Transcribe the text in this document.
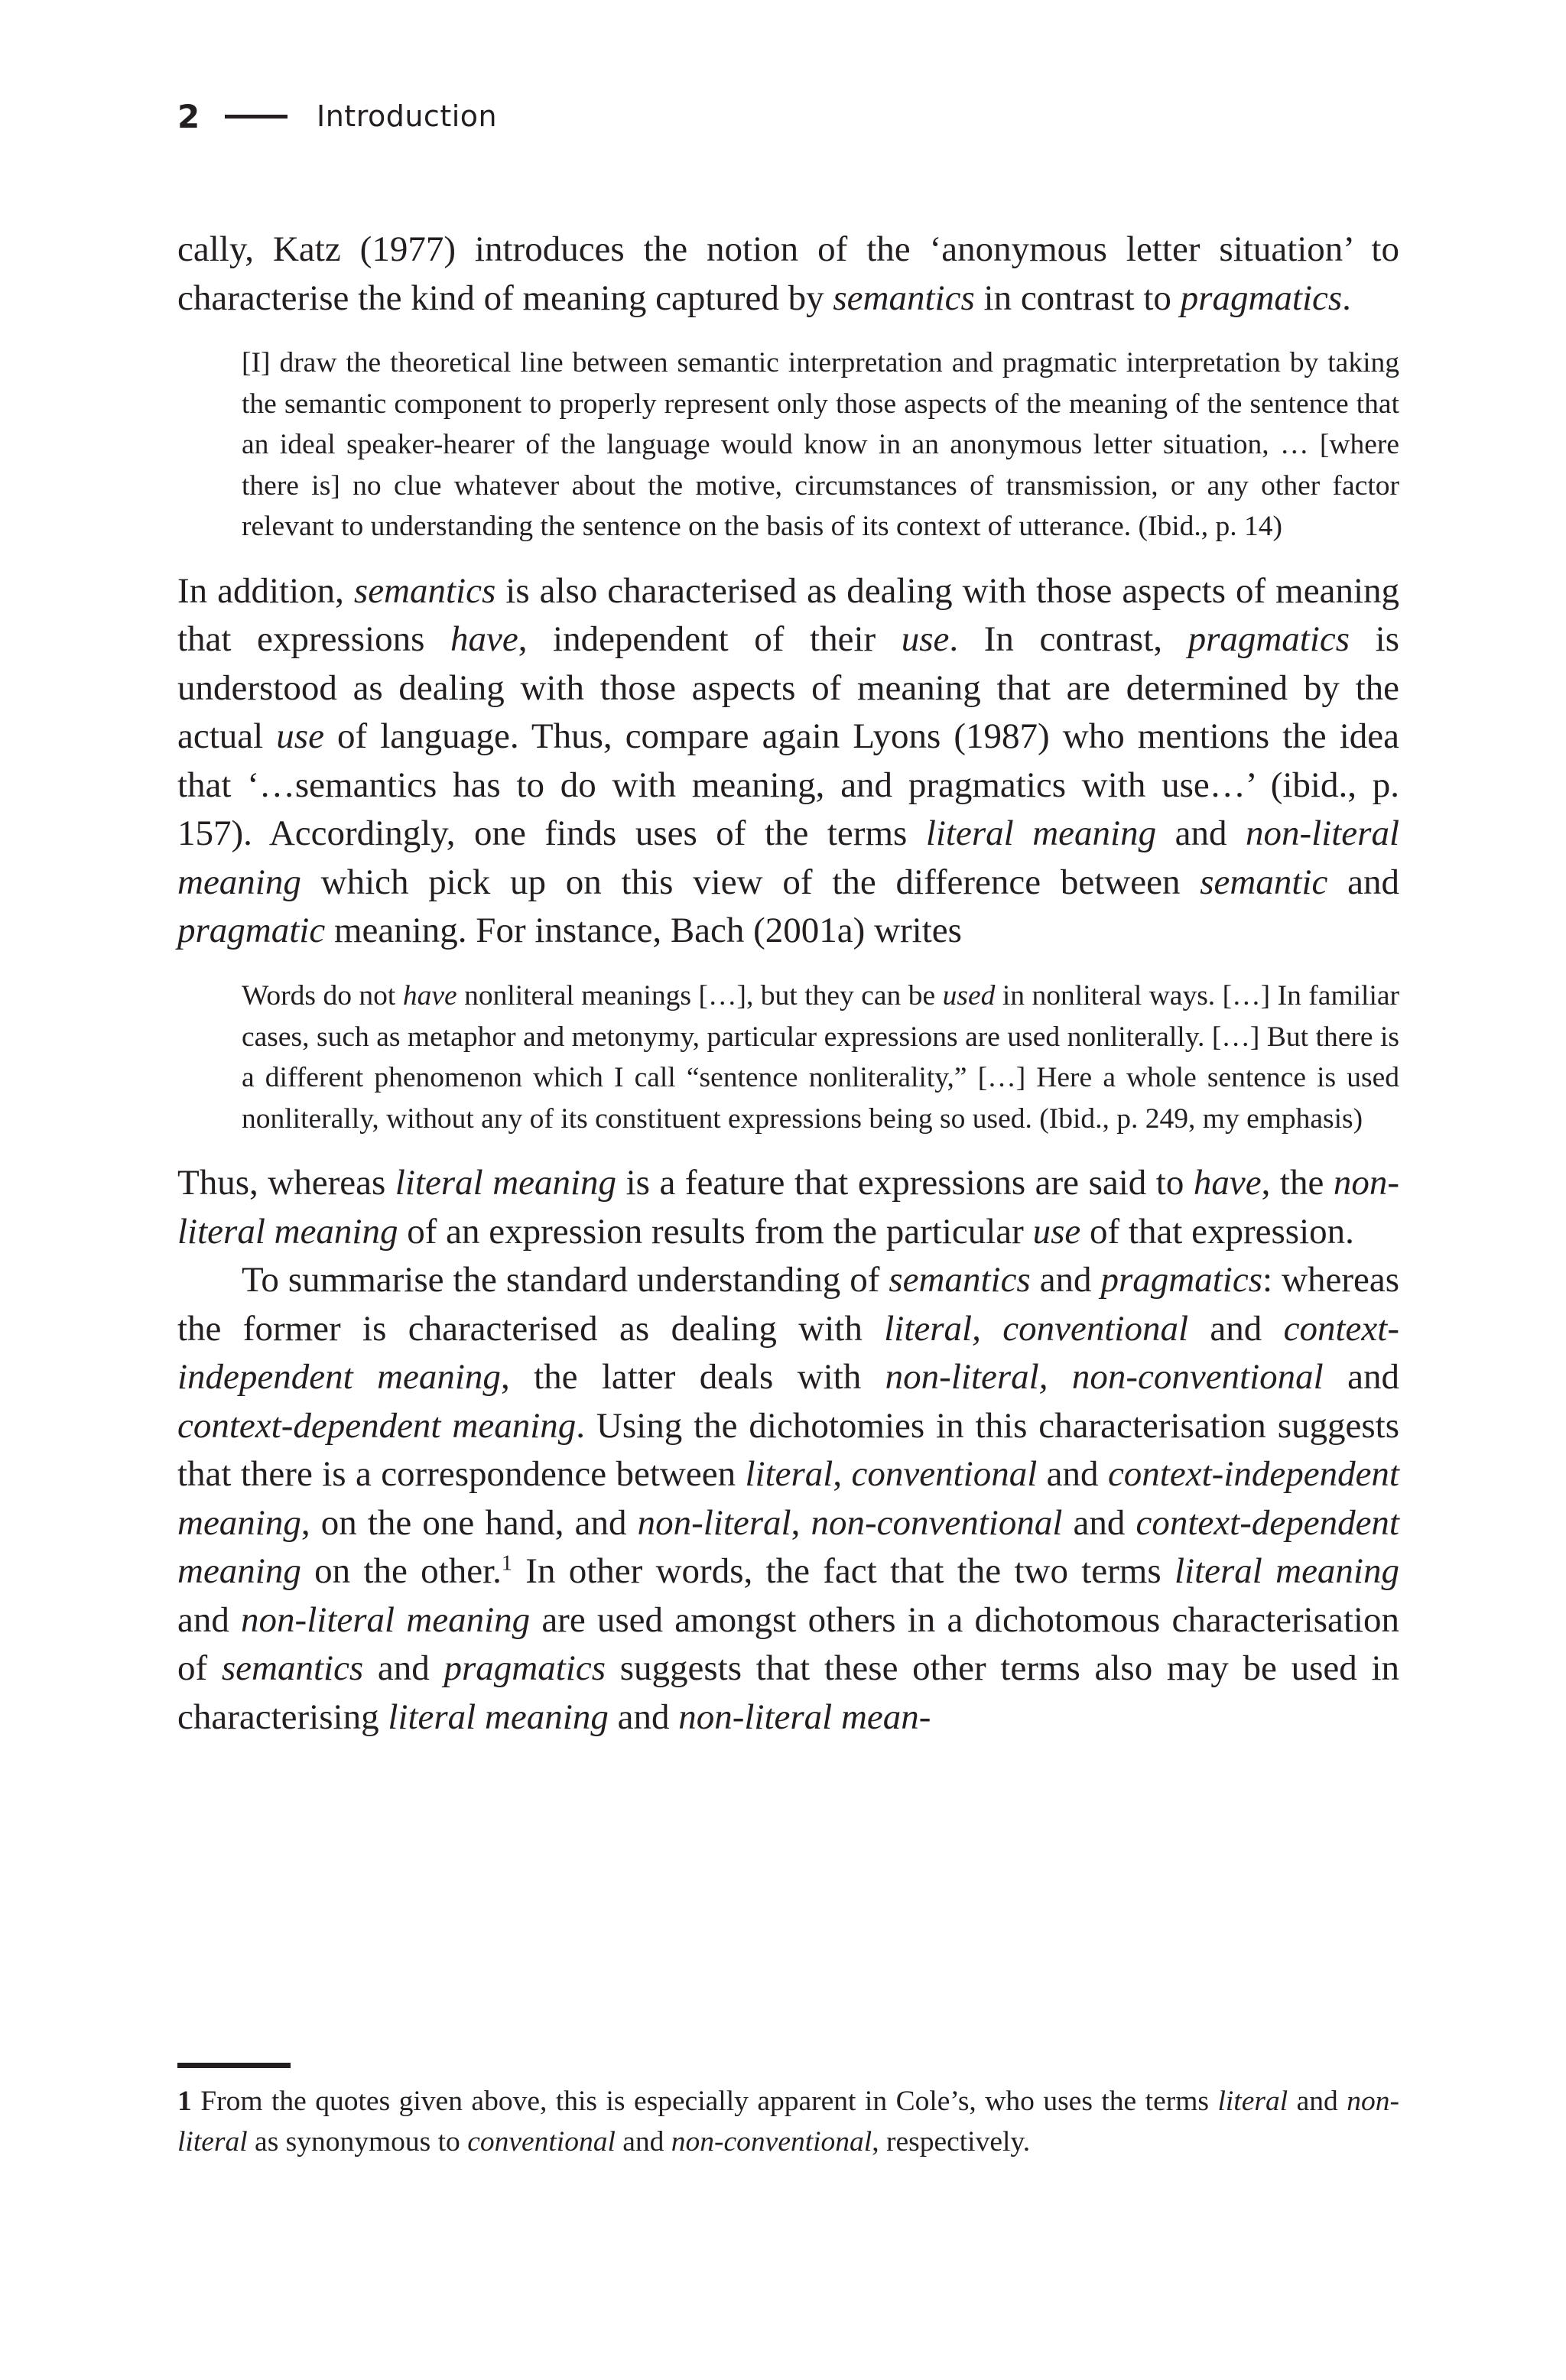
2	Introduction

cally, Katz (1977) introduces the notion of the ‘anonymous letter situation’ to characterise the kind of meaning captured by semantics in contrast to pragmatics.

[I] draw the theoretical line between semantic interpretation and pragmatic interpretation by taking the semantic component to properly represent only those aspects of the meaning of the sentence that an ideal speaker-hearer of the language would know in an anonymous letter situation, … [where there is] no clue whatever about the motive, circumstances of transmission, or any other factor relevant to understanding the sentence on the basis of its context of utterance. (Ibid., p. 14)

In addition, semantics is also characterised as dealing with those aspects of meaning that expressions have, independent of their use. In contrast, pragmatics is understood as dealing with those aspects of meaning that are determined by the actual use of language. Thus, compare again Lyons (1987) who mentions the idea that ‘…semantics has to do with meaning, and pragmatics with use…’ (ibid., p. 157). Accordingly, one finds uses of the terms literal meaning and non-literal meaning which pick up on this view of the difference between semantic and pragmatic meaning. For instance, Bach (2001a) writes

Words do not have nonliteral meanings […], but they can be used in nonliteral ways. […] In familiar cases, such as metaphor and metonymy, particular expressions are used nonliterally. […] But there is a different phenomenon which I call “sentence nonliterality,” […] Here a whole sentence is used nonliterally, without any of its constituent expressions being so used. (Ibid., p. 249, my emphasis)

Thus, whereas literal meaning is a feature that expressions are said to have, the non-literal meaning of an expression results from the particular use of that expression.

To summarise the standard understanding of semantics and pragmatics: whereas the former is characterised as dealing with literal, conventional and context-independent meaning, the latter deals with non-literal, non-conventional and context-dependent meaning. Using the dichotomies in this characterisation suggests that there is a correspondence between literal, conventional and context-independent meaning, on the one hand, and non-literal, non-conventional and context-dependent meaning on the other.$^1$ In other words, the fact that the two terms literal meaning and non-literal meaning are used amongst others in a dichotomous characterisation of semantics and pragmatics suggests that these other terms also may be used in characterising literal meaning and non-literal mean-

1 From the quotes given above, this is especially apparent in Cole’s, who uses the terms literal and non-literal as synonymous to conventional and non-conventional, respectively.
